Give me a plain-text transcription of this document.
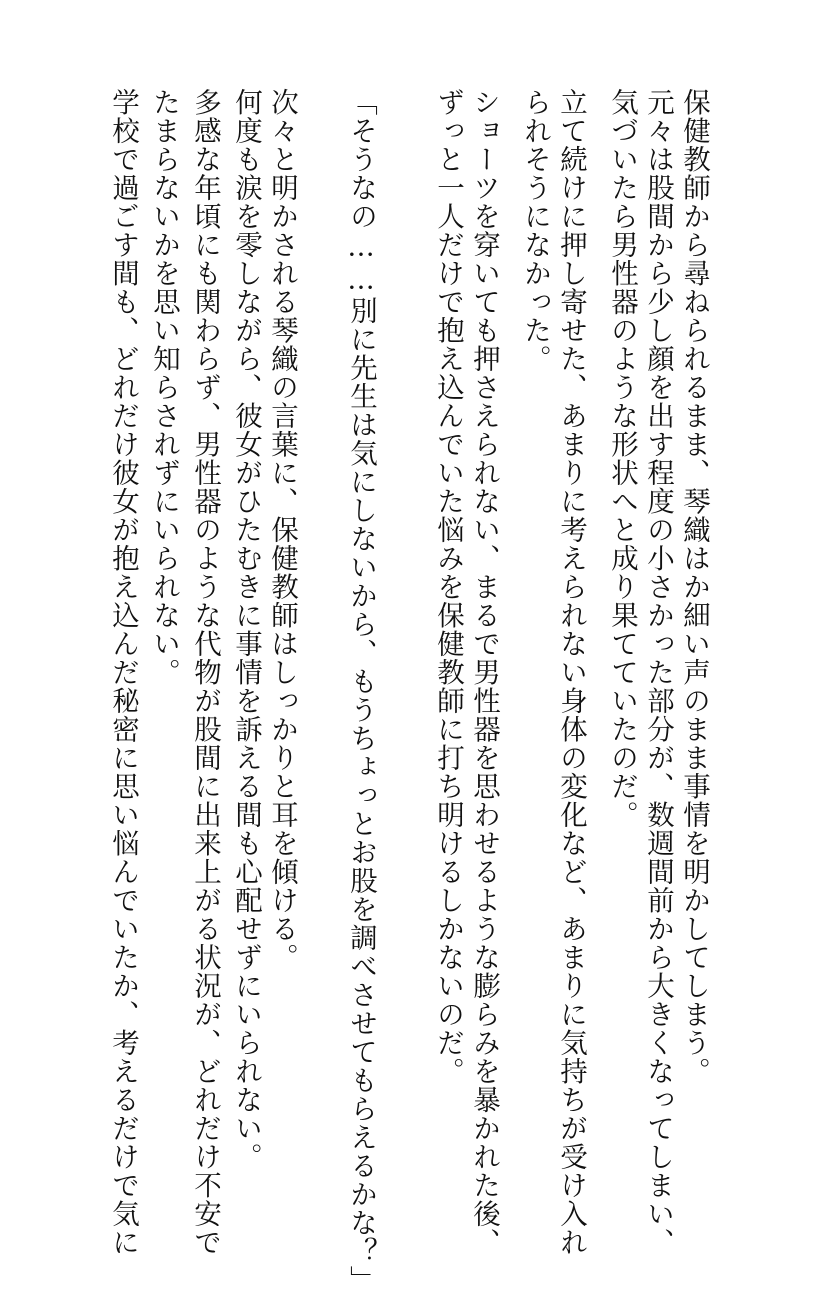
保健教師から尋ねられるまま、琴織はか細い声のまま事情を明かしてしまう。
元々は股間から少し顔を出す程度の小さかった部分が、数週間前から大きくなってしまい、
気づいたら男性器のような形状へと成り果てていたのだ。
立て続けに押し寄せた、あまりに考えられない身体の変化など、あまりに気持ちが受け入れ
られそうになかった。
ショーツを穿いても押さえられない、まるで男性器を思わせるような膨らみを暴かれた後、
ずっと一人だけで抱え込んでいた悩みを保健教師に打ち明けるしかないのだ。
「そうなの……別に先生は気にしないから、もうちょっとお股を調べさせてもらえるかな？」
次々と明かされる琴織の言葉に、保健教師はしっかりと耳を傾ける。
何度も涙を零しながら、彼女がひたむきに事情を訴える間も心配せずにいられない。
多感な年頃にも関わらず、男性器のような代物が股間に出来上がる状況が、どれだけ不安で
たまらないかを思い知らされずにいられない。
学校で過ごす間も、どれだけ彼女が抱え込んだ秘密に思い悩んでいたか、考えるだけで気に
